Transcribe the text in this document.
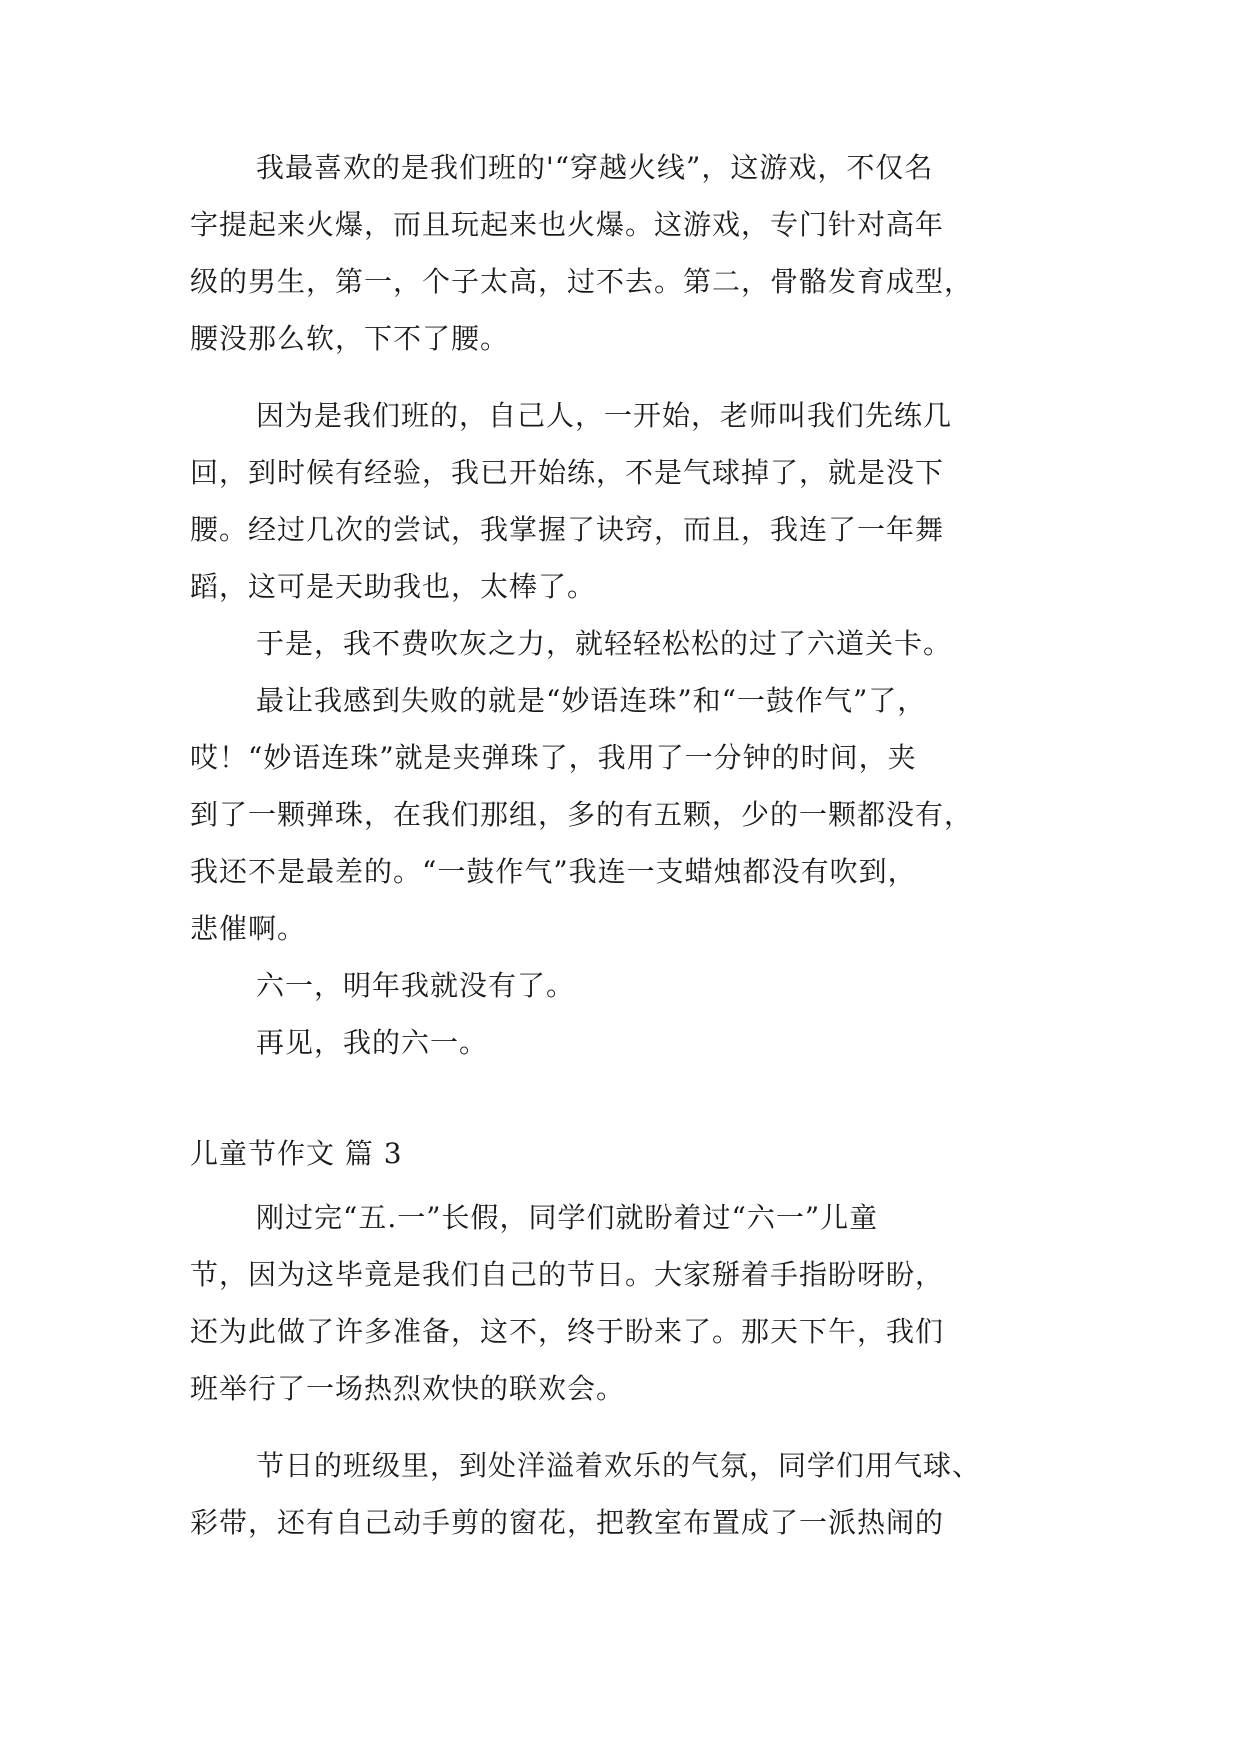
我最喜欢的是我们班的'“穿越火线”，这游戏，不仅名
字提起来火爆，而且玩起来也火爆。这游戏，专门针对高年
级的男生，第一，个子太高，过不去。第二，骨骼发育成型，
腰没那么软，下不了腰。
因为是我们班的，自己人，一开始，老师叫我们先练几
回，到时候有经验，我已开始练，不是气球掉了，就是没下
腰。经过几次的尝试，我掌握了诀窍，而且，我连了一年舞
蹈，这可是天助我也，太棒了。
于是，我不费吹灰之力，就轻轻松松的过了六道关卡。
最让我感到失败的就是“妙语连珠”和“一鼓作气”了，
哎！“妙语连珠”就是夹弹珠了，我用了一分钟的时间，夹
到了一颗弹珠，在我们那组，多的有五颗，少的一颗都没有，
我还不是最差的。“一鼓作气”我连一支蜡烛都没有吹到，
悲催啊。
六一，明年我就没有了。
再见，我的六一。
儿童节作文 篇 3
刚过完“五.一”长假，同学们就盼着过“六一”儿童
节，因为这毕竟是我们自己的节日。大家掰着手指盼呀盼，
还为此做了许多准备，这不，终于盼来了。那天下午，我们
班举行了一场热烈欢快的联欢会。
节日的班级里，到处洋溢着欢乐的气氛，同学们用气球、
彩带，还有自己动手剪的窗花，把教室布置成了一派热闹的
